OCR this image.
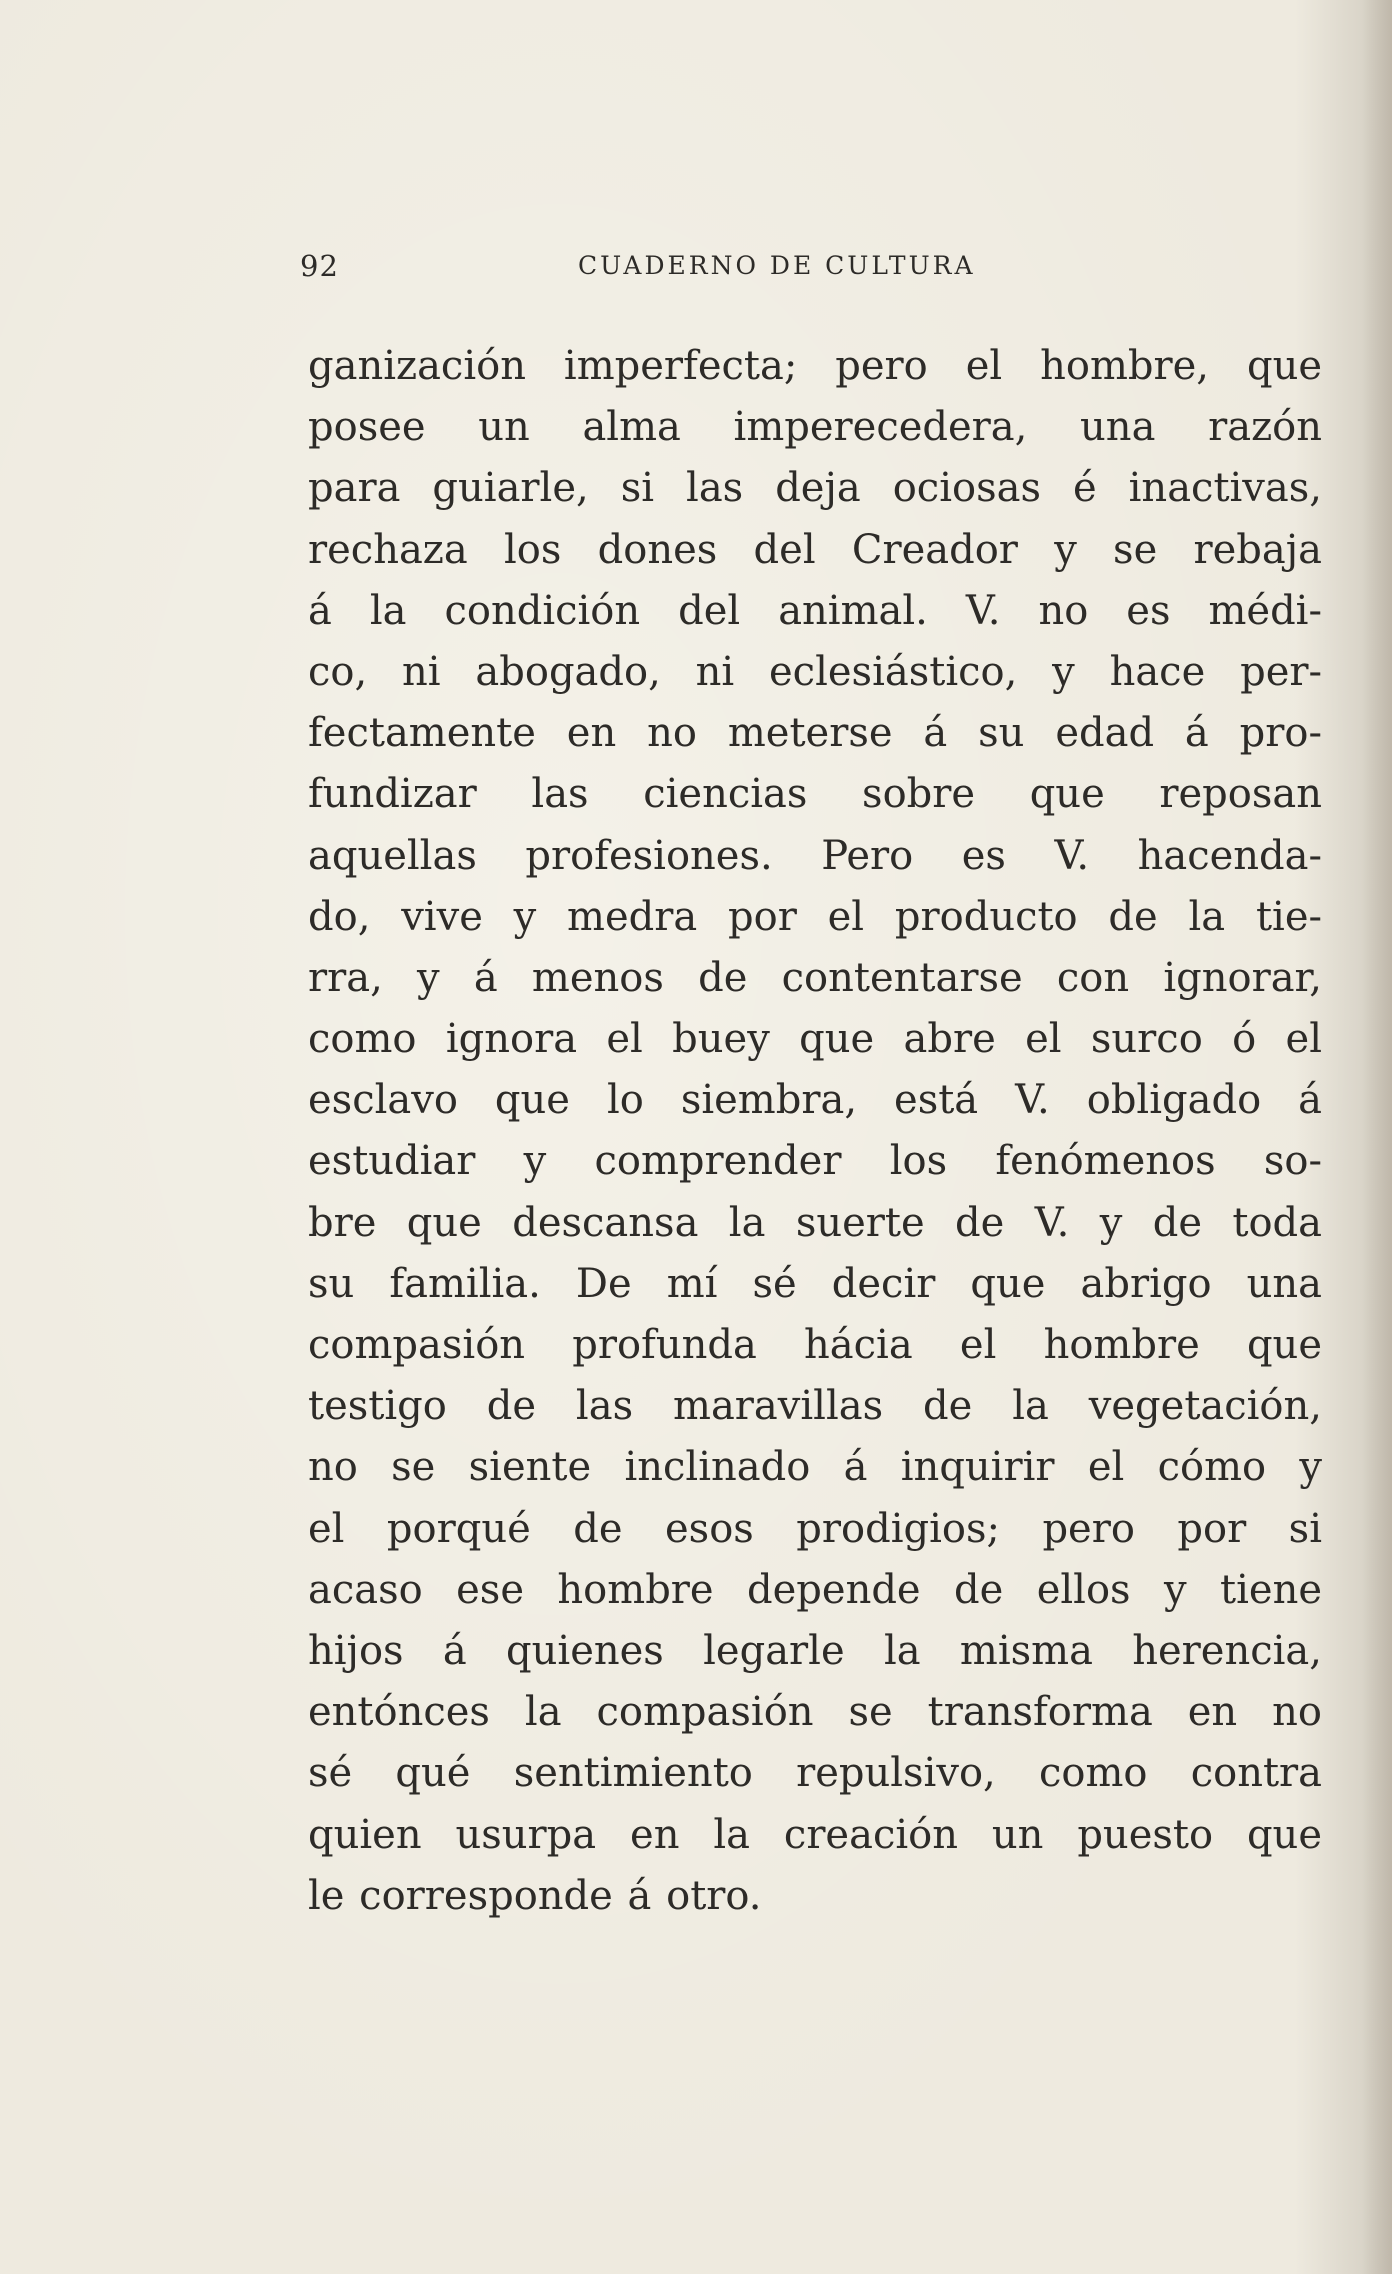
92	CUADERNO DE CULTURA
ganización imperfecta; pero el hombre, que
posee un alma imperecedera, una razón
para guiarle, si las deja ociosas é inactivas,
rechaza los dones del Creador y se rebaja
á la condición del animal. V. no es médi-
co, ni abogado, ni eclesiástico, y hace per-
fectamente en no meterse á su edad á pro-
fundizar las ciencias sobre que reposan
aquellas profesiones. Pero es V. hacenda-
do, vive y medra por el producto de la tie-
rra, y á menos de contentarse con ignorar,
como ignora el buey que abre el surco ó el
esclavo que lo siembra, está V. obligado á
estudiar y comprender los fenómenos so-
bre que descansa la suerte de V. y de toda
su familia. De mí sé decir que abrigo una
compasión profunda hácia el hombre que
testigo de las maravillas de la vegetación,
no se siente inclinado á inquirir el cómo y
el porqué de esos prodigios; pero por si
acaso ese hombre depende de ellos y tiene
hijos á quienes legarle la misma herencia,
entónces la compasión se transforma en no
sé qué sentimiento repulsivo, como contra
quien usurpa en la creación un puesto que
le corresponde á otro.
